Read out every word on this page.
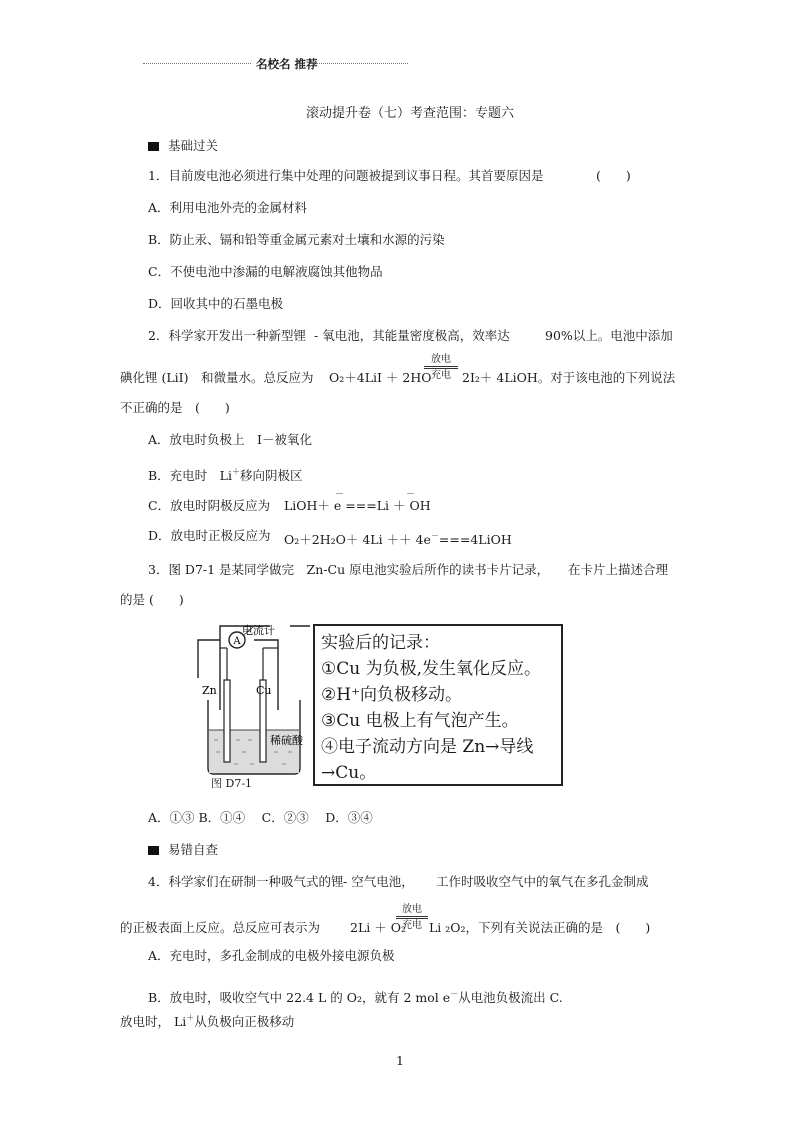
名校名 推荐
滚动提升卷（七）考查范围：专题六
基础过关
1．目前废电池必须进行集中处理的问题被提到议事日程。其首要原因是	(　　)
A．利用电池外壳的金属材料
B．防止汞、镉和铅等重金属元素对土壤和水源的污染
C．不使电池中渗漏的电解液腐蚀其他物品
D．回收其中的石墨电极
2．科学家开发出一种新型锂 - 氧电池，其能量密度极高，效率达	90%以上。电池中添加
碘化锂 (LiI)　和微量水。总反应为 O₂＋4LiI ＋ 2HO
放电
充电 2I₂＋ 4LiOH。对于该电池的下列说法
不正确的是　(　　)
A．放电时负极上　I－被氧化
B．充电时　Li＋移向阴极区
C．放电时阴极反应为 LiOH＋ e ===Li ＋ OH
－	－
D．放电时正极反应为 O₂＋2H₂O＋ 4Li ＋＋ 4e－===4LiOH
3．图 D7-1 是某同学做完　Zn-Cu 原电池实验后所作的读书卡片记录， 在卡片上描述合理
的是 (　　)
A
Zn	Cu
电流计
稀硫酸
图 D7-1
实验后的记录：
①Cu 为负极,发生氧化反应。
②H⁺向负极移动。
③Cu 电极上有气泡产生。
④电子流动方向是 Zn→导线
→Cu。
A．①③ B．①④　 C．②③　 D．③④
易错自查
4．科学家们在研制一种吸气式的锂 - 空气电池， 工作时吸收空气中的氧气在多孔金制成
的正极表面上反应。总反应可表示为 2Li ＋ O₂
放电
充电 Li ₂O₂，下列有关说法正确的是　(　　)
A．充电时，多孔金制成的电极外接电源负极
B．放电时，吸收空气中 22.4 L 的 O₂，就有 2 mol e－从电池负极流出 C.
放电时， Li＋从负极向正极移动
1
